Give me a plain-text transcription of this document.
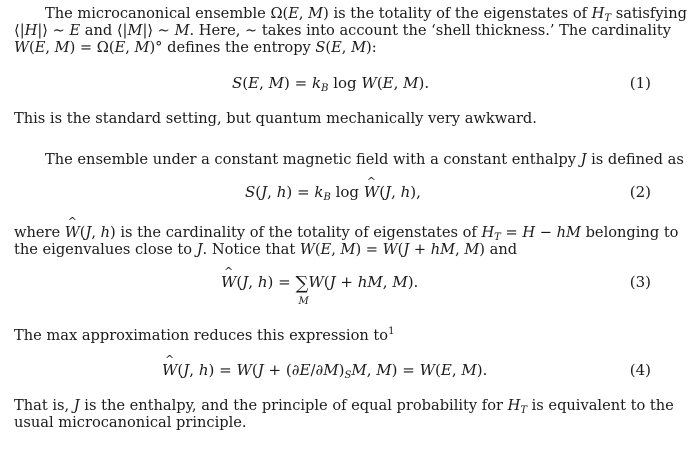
The microcanonical ensemble Ω(E, M) is the totality of the eigenstates of $H_T$ satisfying
⟨|H|⟩ ∼ E and ⟨|M|⟩ ∼ M. Here, ∼ takes into account the ‘shell thickness.’ The cardinality
W(E, M) = Ω(E, M)° defines the entropy S(E, M):
S(E, $M) = k_B$ log W(E, M).	(1)
This is the standard setting, but quantum mechanically very awkward.
The ensemble under a constant magnetic field with a constant enthalpy J is defined as
S(J, $h) = k_B$ log ^ W(J, h),	(2)
where ^ W(J, h) is the cardinality of the totality of eigenstates of $H_T = H$ − hM belonging to
the eigenvalues close to J. Notice that W(E, M) = W(J + hM, M) and
^ W(J, h) = ∑
M
W(J + hM, M).	(3)
The max approximation reduces this expression $to^1$
^ W(J, $h) = W(J + (\partial E/\partial M)_SM$, M) = W(E, M).	(4)
That is, J is the enthalpy, and the principle of equal probability for $H_T$ is equivalent to the
usual microcanonical principle.
